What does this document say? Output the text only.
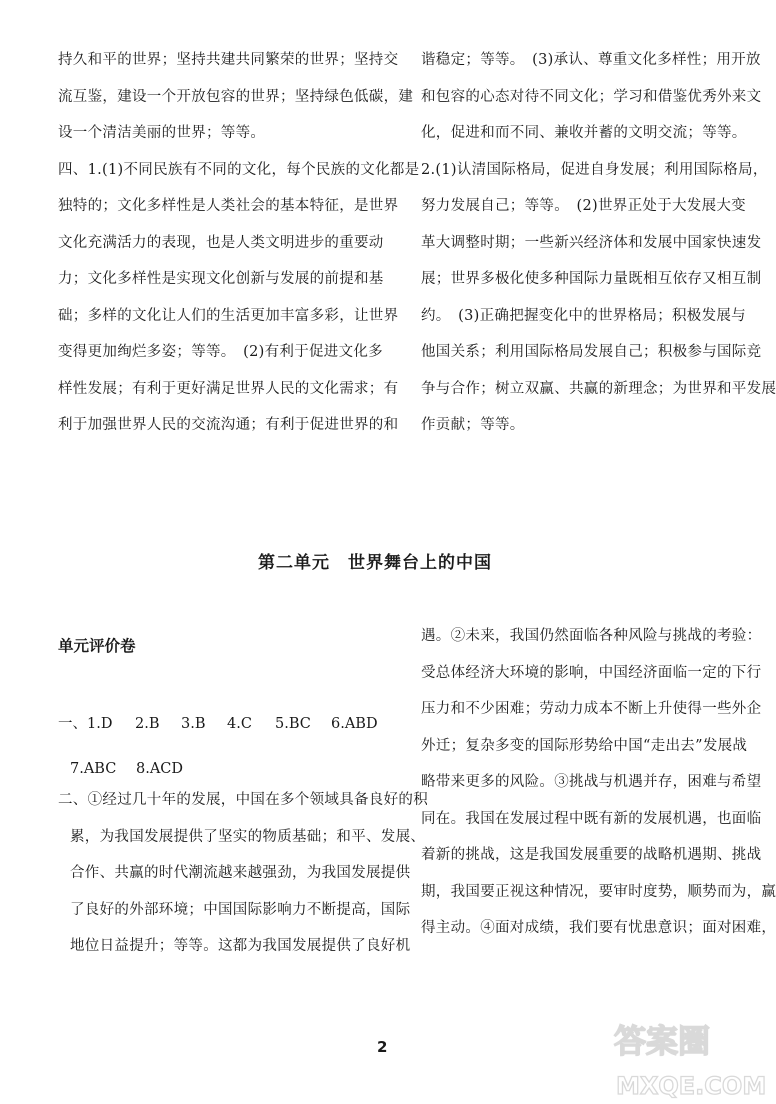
持久和平的世界；坚持共建共同繁荣的世界；坚持交

流互鉴，建设一个开放包容的世界；坚持绿色低碳，建

设一个清洁美丽的世界；等等。

四、1.(1)不同民族有不同的文化，每个民族的文化都是

独特的；文化多样性是人类社会的基本特征，是世界

文化充满活力的表现，也是人类文明进步的重要动

力；文化多样性是实现文化创新与发展的前提和基

础；多样的文化让人们的生活更加丰富多彩，让世界

变得更加绚烂多姿；等等。　(2)有利于促进文化多

样性发展；有利于更好满足世界人民的文化需求；有

利于加强世界人民的交流沟通；有利于促进世界的和

谐稳定；等等。　(3)承认、尊重文化多样性；用开放

和包容的心态对待不同文化；学习和借鉴优秀外来文

化，促进和而不同、兼收并蓄的文明交流；等等。

2.(1)认清国际格局，促进自身发展；利用国际格局，

努力发展自己；等等。　(2)世界正处于大发展大变

革大调整时期；一些新兴经济体和发展中国家快速发

展；世界多极化使多种国际力量既相互依存又相互制

约。　(3)正确把握变化中的世界格局；积极发展与

他国关系；利用国际格局发展自己；积极参与国际竞

争与合作；树立双赢、共赢的新理念；为世界和平发展

作贡献；等等。

第二单元　世界舞台上的中国
单元评价卷
一、1.D 2.B 3.B 4.C 5.BC 6.ABD
7.ABC 8.ACD

二、①经过几十年的发展，中国在多个领域具备良好的积

累，为我国发展提供了坚实的物质基础；和平、发展、

合作、共赢的时代潮流越来越强劲，为我国发展提供

了良好的外部环境；中国国际影响力不断提高，国际

地位日益提升；等等。这都为我国发展提供了良好机

遇。②未来，我国仍然面临各种风险与挑战的考验：

受总体经济大环境的影响，中国经济面临一定的下行

压力和不少困难；劳动力成本不断上升使得一些外企

外迁；复杂多变的国际形势给中国“走出去”发展战

略带来更多的风险。③挑战与机遇并存，困难与希望

同在。我国在发展过程中既有新的发展机遇，也面临

着新的挑战，这是我国发展重要的战略机遇期、挑战

期，我国要正视这种情况，要审时度势，顺势而为，赢

得主动。④面对成绩，我们要有忧患意识；面对困难，

2	答案圈
MXQE.COM
